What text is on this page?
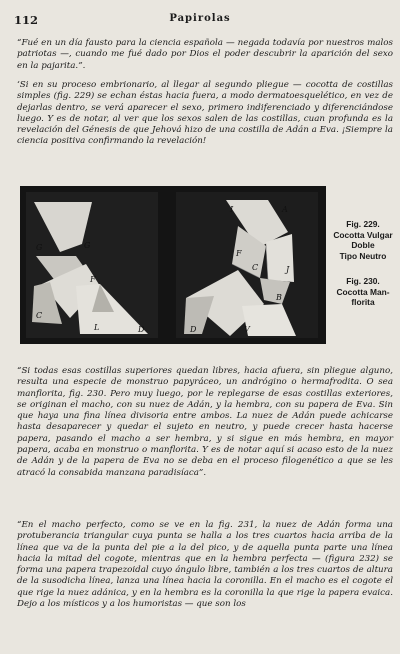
112	Papirolas

“Fué en un día fausto para la ciencia española — negada todavía por nuestros malos patriotas —, cuando me fué dado por Dios el poder descubrir la aparición del sexo en la pajarita.”.

‘Si en su proceso embrionario, al llegar al segundo pliegue — cocotta de costillas simples (fig. 229) se echan éstas hacia fuera, a modo dermatoesquelético, en vez de dejarlas dentro, se verá aparecer el sexo, primero indiferenciado y diferenciándose luego. Y es de notar, al ver que los sexos salen de las costillas, cuan profunda es la revelación del Génesis de que Jehová hizo de una costilla de Adán a Eva. ¡Siempre la ciencia positiva confirmando la revelación!

G
F
G
C
L	D
I	A
F
C	J
B
D	V

Fig. 229.
Cocotta Vulgar
Doble
Tipo Neutro

Fig. 230.
Cocotta Man-
florita

“Si todas esas costillas superiores quedan libres, hacia afuera, sin pliegue alguno, resulta una especie de monstruo papyráceo, un andrógino o hermafrodita. O sea manflorita, fig. 230. Pero muy luego, por le replegarse de esas costillas exteriores, se originan el macho, con su nuez de Adán, y la hembra, con su papera de Eva. Sin que haya una fina línea divisoria entre ambos. La nuez de Adán puede achicarse hasta desaparecer y quedar el sujeto en neutro, y puede crecer hasta hacerse papera, pasando el macho a ser hembra, y si sigue en más hembra, en mayor papera, acaba en monstruo o manflorita. Y es de notar aquí si acaso esto de la nuez de Adán y de la papera de Eva no se deba en el proceso filogenético a que se les atracó la consabida manzana paradisíaca”.

“En el macho perfecto, como se ve en la fig. 231, la nuez de Adán forma una protuberancia triangular cuya punta se halla a los tres cuartos hacia arriba de la línea que va de la punta del pie a la del pico, y de aquella punta parte una línea hacia la mitad del cogote, mientras que en la hembra perfecta — (figura 232) se forma una papera trapezoidal cuyo ángulo libre, también a los tres cuartos de altura de la susodicha línea, lanza una línea hacia la coronilla. En el macho es el cogote el que rige la nuez adánica, y en la hembra es la coronilla la que rige la papera evaica. Dejo a los místicos y a los humoristas — que son los
